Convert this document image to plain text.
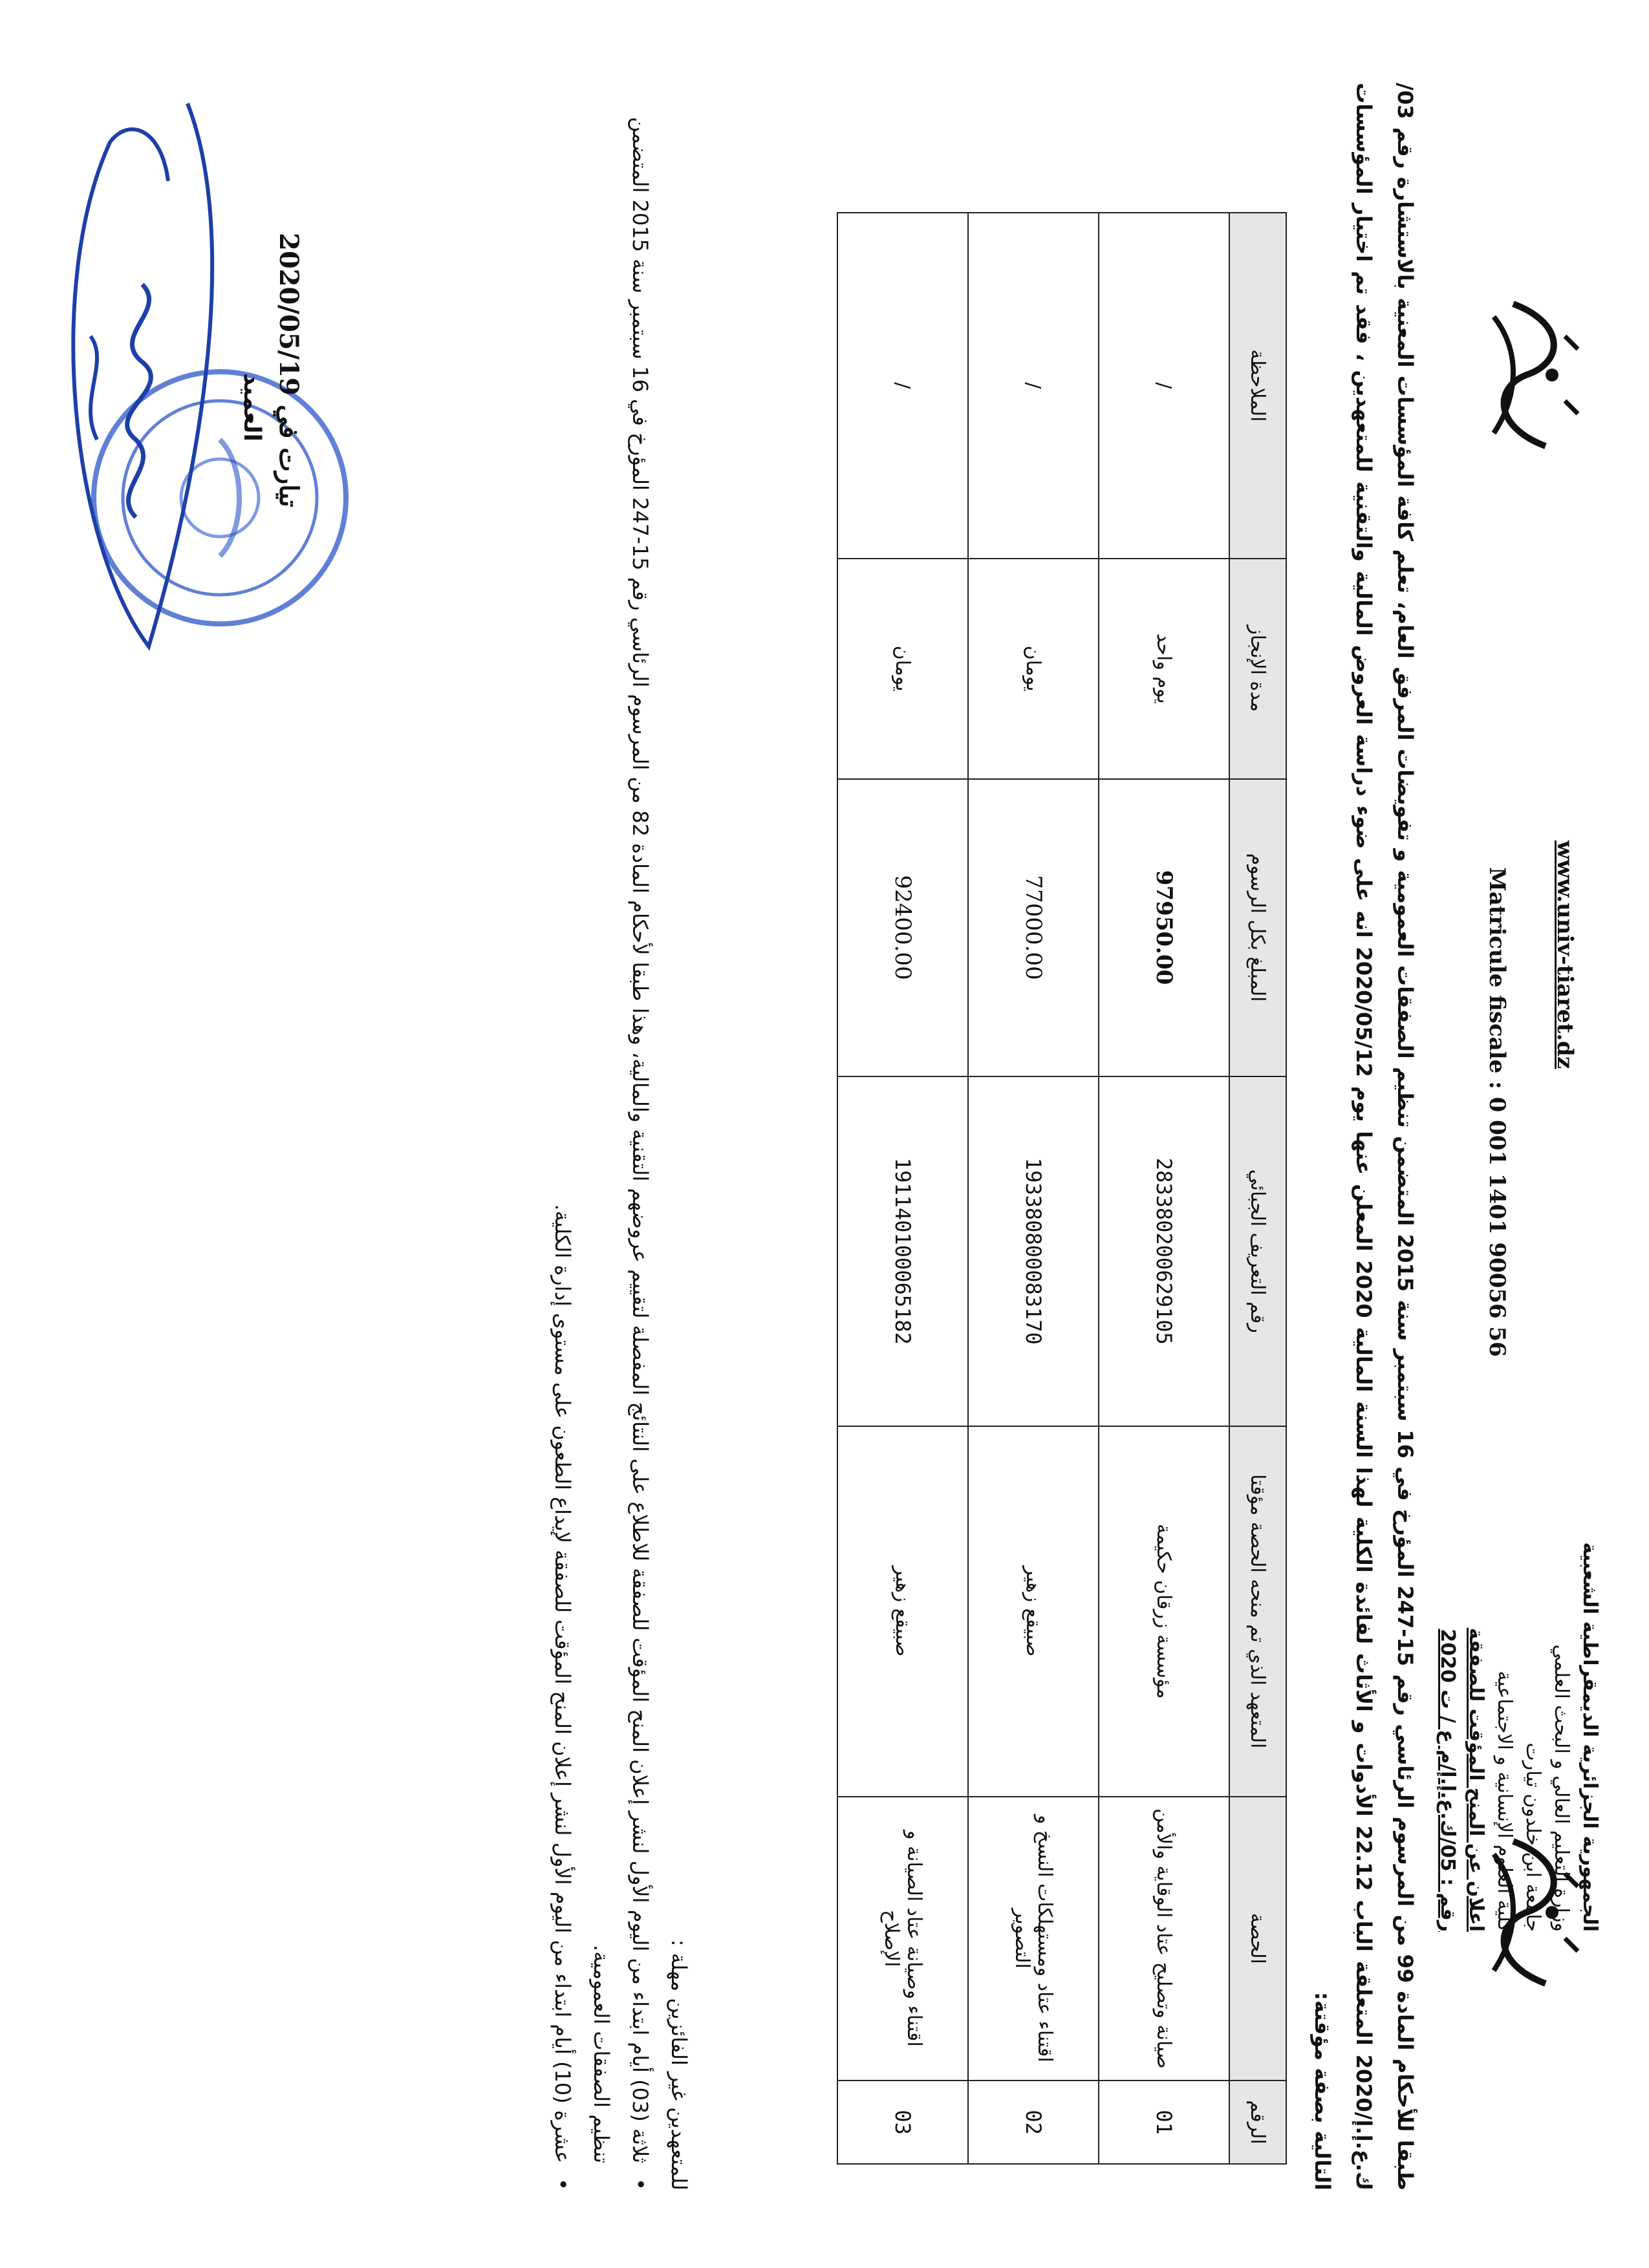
الجمهورية الجزائرية الديمقراطية الشعبية
وزارة التعليم العالي و البحث العلمي
جامعة ابن خلدون تيارت
كلية العلوم الإنسانية و الاجتماعية
اعلان عن المنح المؤقت للصفقة
رقم : 05/ك.ع.إ.إ/م ع / ت 2020
www.univ-tiaret.dz
Matricule fiscale : 0 001 1401 90056 56
طبقا للأحكام المادة 99 من المرسوم الرئاسي رقم 15-247 المؤرخ في 16 سبتمبر سنة 2015 المتضمن تنظيم الصفقات العمومية و تفويضات المرفق العام، تعلم كافة المؤسسات المعنية بالاستشارة رقم 03/ك.ع.إ.إ/2020 المتعلقة الباب 22.12 الأدوات و الأثاث لفائدة الكلية لهذا السنة المالية 2020 المعلن عنها يوم 2020/05/12 انه على ضوء دراسة العروض المالية والتقنية للمتعهدين ، فقد تم اختيار المؤسسات التالية بصفة مؤقتة:
الرقم	الحصة	المتعهد الذي تم منحه الحصة مؤقتا	رقم التعريف الجبائي	المبلغ بكل الرسوم	مدة الإنجاز	الملاحظة
01	صيانة وتصليح عتاد الوقاية والأمن	مؤسسة زرقان حكيمة	283380200629105	97950.00	يوم واحد	/
02	اقتناء عتاد ومستهلكات النسخ و التصوير	صبيقع زهير	193380800083170	77000.00	يومان	/
03	اقتناء وصيانة عتاد الصيانة و الإصلاح	صبيقع زهير	191140100065182	92400.00	يومان	/
للمتعهدين غير الفائزين مهلة :
• ثلاثة (03) أيام ابتداء من اليوم الأول لنشر إعلان المنح المؤقت للصفقة للاطلاع على النتائج المفصلة لتقييم عروضهم التقنية والمالية، وهذا طبقا لأحكام المادة 82 من المرسوم الرئاسي رقم 15-247 المؤرخ في 16 سبتمبر سنة 2015 المتضمن تنظيم الصفقات العمومية.
• عشرة (10) أيام ابتداء من اليوم الأول لنشر إعلان المنح المؤقت للصفقة لإيداع الطعون على مستوى إدارة الكلية.
تيارت في 2020/05/19
العميد
